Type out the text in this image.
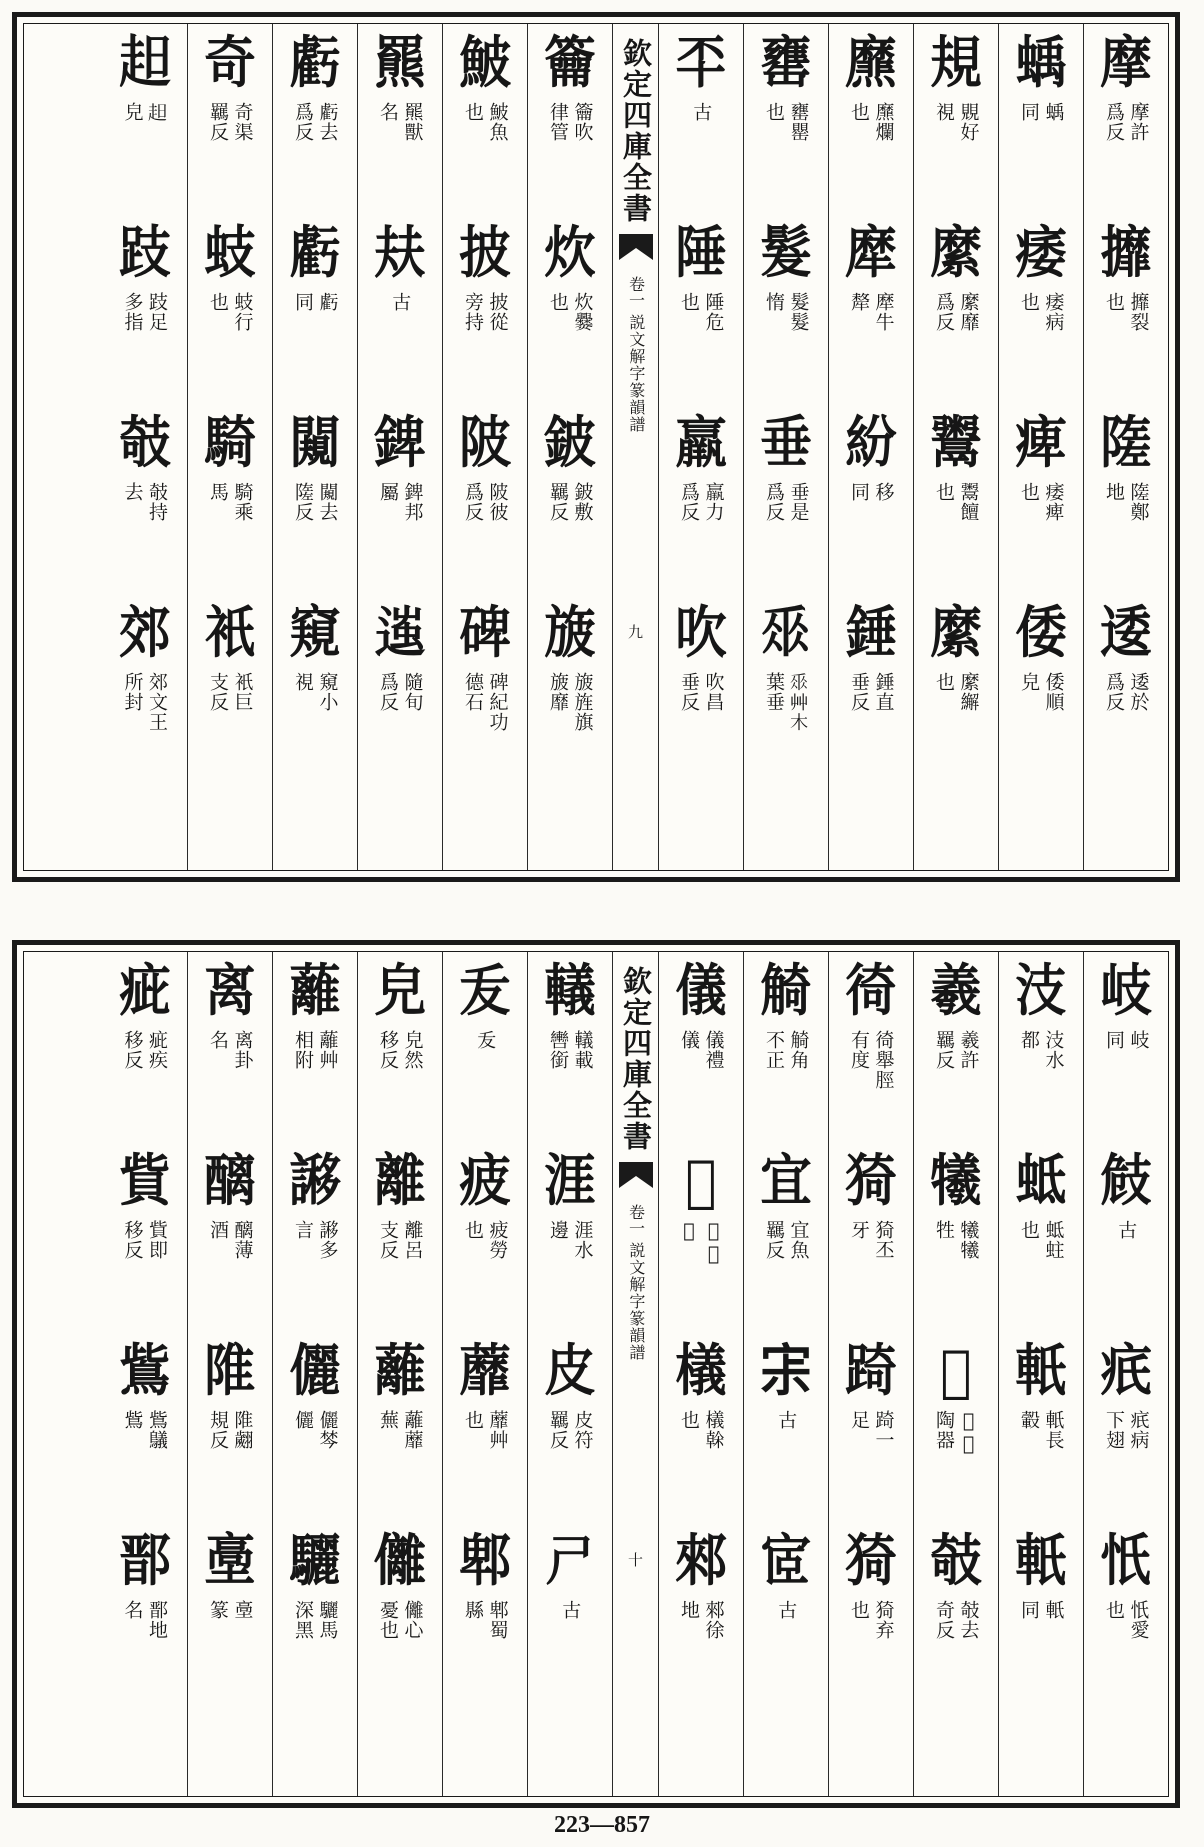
摩
摩許
爲反
攠
攠裂
也
隓
隓鄭
地
逶
逶於
爲反
蝺
蝺
同
痿
痿病
也
痺
痿痺
也
倭
倭順
皃
規
覞好
視
縻
縻靡
爲反
鬻
鬻饘
也
縻
縻繲
也
爢
爢爛
也
犘
犘牛
犛
紛
移
同
錘
錘直
垂反
罋
罋罌
也
髮
髮髮
惰
垂
垂是
爲反
𠂹
𠂹艸木
葉垂
㔻
古
陲
陲危
也
羸
羸力
爲反
吹
吹昌
垂反
欽定四庫全書
卷一
説文解字篆韻譜
九
籥
籥吹
律管
炊
炊爨
也
鈹
鈹敷
羈反
旇
旇旌旗
旇靡
鮍
鮍魚
也
披
披從
旁持
陂
陂彼
爲反
碑
碑紀功
德石
羆
羆獸
名
㚘
古
錍
錍邦
屬
𨔢
隨旬
爲反
虧
虧去
爲反
虧
虧
同
闚
闚去
隓反
窺
窺小
視
奇
奇渠
羈反
蚑
蚑行
也
騎
騎乘
馬
衹
衹巨
支反
𧺝
𧺝
皃
跂
跂足
多指
攲
攲持
去
郊
郊文王
所封
岐
岐
同
㩻
古
疧
疧病
下翅
忯
忯愛
也
汥
汥水
都
蚳
蚳蛀
也
軝
軝長
轂
軝
軝
同
羲
羲許
羈反
犧
犧犧
牲
𧇖
𧇖古
陶器
攲
攲去
奇反
徛
徛舉脛
有度
猗
猗丕
牙
踦
踦一
足
猗
猗弃
也
觭
觭角
不正
宜
宜魚
羈反
𡧯
古
宧
古
儀
儀禮
儀
𩦩
𩦩駿
𩦩
檥
檥榦
也
郲
郲徐
地
欽定四庫全書
卷一
説文解字篆韻譜
十
轙
轙載
轡銜
涯
涯水
邊
皮
皮符
羈反
𡰣
古
叐
叐
疲
疲勞
也
蘼
蘼艸
也
郫
郫蜀
縣
皃
皃然
移反
離
離呂
支反
蘺
蘺蘼
蕪
㒧
㒧心
憂也
蘺
蘺艸
相附
謻
謻多
言
儷
儷棽
儷
驪
驪馬
深黑
离
离卦
名
醨
醨薄
酒
陮
陮翽
規反
㙜
㙜
篆
疵
疵疾
移反
貲
貲即
移反
鴜
鴜鸃
鴜
鄑
鄑地
名
223—857
